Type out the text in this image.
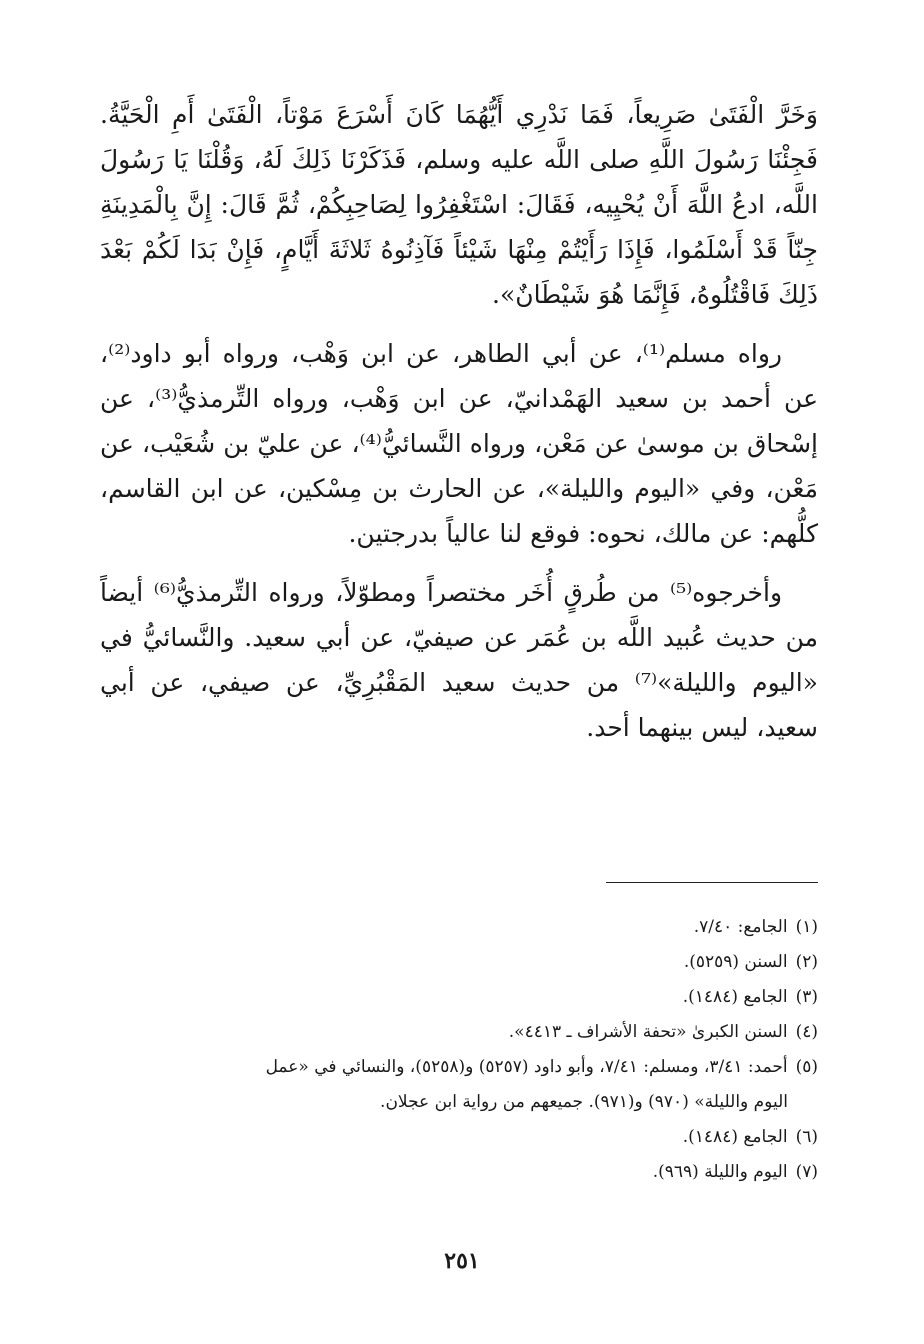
وَخَرَّ الْفَتَىٰ صَرِيعاً، فَمَا نَدْرِي أَيُّهُمَا كَانَ أَسْرَعَ مَوْتاً، الْفَتَىٰ أَمِ الْحَيَّةُ. فَجِئْنَا رَسُولَ اللَّهِ صلى اللَّه عليه وسلم، فَذَكَرْنَا ذَلِكَ لَهُ، وَقُلْنَا يَا رَسُولَ اللَّه، ادعُ اللَّهَ أَنْ يُحْيِيه، فَقَالَ: اسْتَغْفِرُوا لِصَاحِبِكُمْ، ثُمَّ قَالَ: إِنَّ بِالْمَدِينَةِ جِنّاً قَدْ أَسْلَمُوا، فَإِذَا رَأَيْتُمْ مِنْهَا شَيْئاً فَآذِنُوهُ ثَلاثَةَ أَيَّامٍ، فَإِنْ بَدَا لَكُمْ بَعْدَ ذَلِكَ فَاقْتُلُوهُ، فَإِنَّمَا هُوَ شَيْطَانٌ».

رواه مسلم⁽¹⁾، عن أبي الطاهر، عن ابن وَهْب، ورواه أبو داود⁽²⁾، عن أحمد بن سعيد الهَمْدانيّ، عن ابن وَهْب، ورواه التِّرمذيُّ⁽³⁾، عن إسْحاق بن موسىٰ عن مَعْن، ورواه النَّسائيُّ⁽⁴⁾، عن عليّ بن شُعَيْب، عن مَعْن، وفي «اليوم والليلة»، عن الحارث بن مِسْكين، عن ابن القاسم، كلُّهم: عن مالك، نحوه: فوقع لنا عالياً بدرجتين.

وأخرجوه⁽⁵⁾ من طُرقٍ أُخَر مختصراً ومطوّلاً، ورواه التِّرمذيُّ⁽⁶⁾ أيضاً من حديث عُبيد اللَّه بن عُمَر عن صيفيّ، عن أبي سعيد. والنَّسائيُّ في «اليوم والليلة»⁽⁷⁾ من حديث سعيد المَقْبُرِيِّ، عن صيفي، عن أبي سعيد، ليس بينهما أحد.

(١)الجامع: ٧/٤٠.
(٢)السنن (٥٢٥٩).
(٣)الجامع (١٤٨٤).
(٤)السنن الكبرىٰ «تحفة الأشراف ـ ٤٤١٣».
(٥)أحمد: ٣/٤١، ومسلم: ٧/٤١، وأبو داود (٥٢٥٧) و(٥٢٥٨)، والنسائي في «عمل
اليوم والليلة» (٩٧٠) و(٩٧١). جميعهم من رواية ابن عجلان.
(٦)الجامع (١٤٨٤).
(٧)اليوم والليلة (٩٦٩).
٢٥١
